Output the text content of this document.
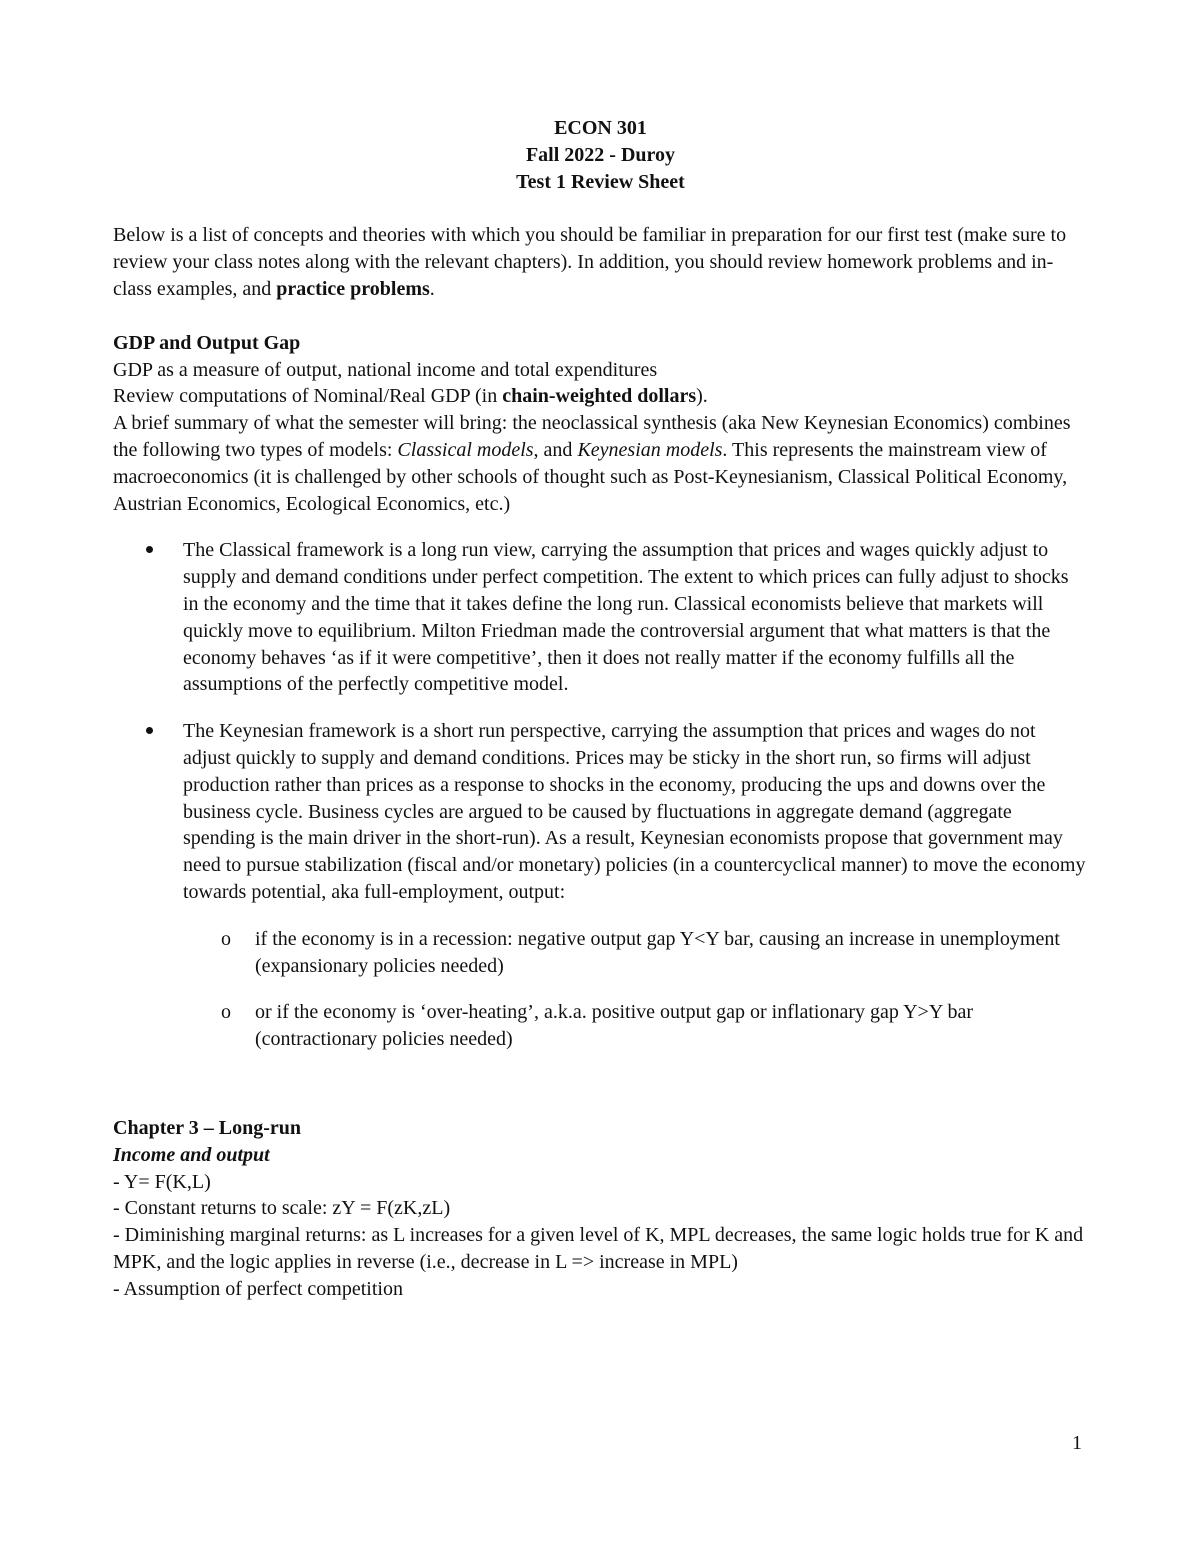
ECON 301

Fall 2022 - Duroy

Test 1 Review Sheet

Below is a list of concepts and theories with which you should be familiar in preparation for our first test (make sure to review your class notes along with the relevant chapters). In addition, you should review homework problems and in-class examples, and practice problems.

GDP and Output Gap

GDP as a measure of output, national income and total expenditures

Review computations of Nominal/Real GDP (in chain-weighted dollars).

A brief summary of what the semester will bring: the neoclassical synthesis (aka New Keynesian Economics) combines the following two types of models: Classical models, and Keynesian models. This represents the mainstream view of macroeconomics (it is challenged by other schools of thought such as Post-Keynesianism, Classical Political Economy, Austrian Economics, Ecological Economics, etc.)

The Classical framework is a long run view, carrying the assumption that prices and wages quickly adjust to supply and demand conditions under perfect competition. The extent to which prices can fully adjust to shocks in the economy and the time that it takes define the long run. Classical economists believe that markets will quickly move to equilibrium. Milton Friedman made the controversial argument that what matters is that the economy behaves ‘as if it were competitive’, then it does not really matter if the economy fulfills all the assumptions of the perfectly competitive model.
The Keynesian framework is a short run perspective, carrying the assumption that prices and wages do not adjust quickly to supply and demand conditions. Prices may be sticky in the short run, so firms will adjust production rather than prices as a response to shocks in the economy, producing the ups and downs over the business cycle. Business cycles are argued to be caused by fluctuations in aggregate demand (aggregate spending is the main driver in the short-run). As a result, Keynesian economists propose that government may need to pursue stabilization (fiscal and/or monetary) policies (in a countercyclical manner) to move the economy towards potential, aka full-employment, output:
o if the economy is in a recession: negative output gap Y<Y bar, causing an increase in unemployment (expansionary policies needed)
o or if the economy is ‘over-heating’, a.k.a. positive output gap or inflationary gap Y>Y bar (contractionary policies needed)

Chapter 3 – Long-run

Income and output

- Y= F(K,L)

- Constant returns to scale: zY = F(zK,zL)

- Diminishing marginal returns: as L increases for a given level of K, MPL decreases, the same logic holds true for K and MPK, and the logic applies in reverse (i.e., decrease in L => increase in MPL)

- Assumption of perfect competition

1
